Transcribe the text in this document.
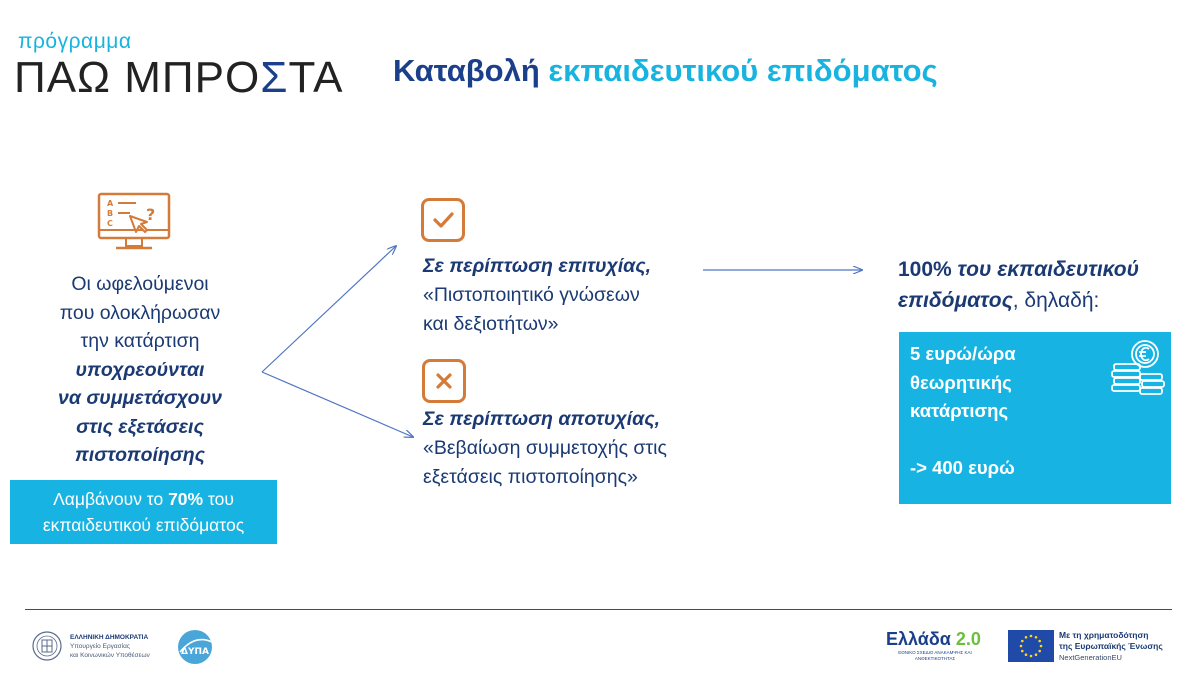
πρόγραμμα
ΠΑΩ ΜΠΡΟΣΤΑ Καταβολή εκπαιδευτικού επιδόματος
A
B
C ?
Οι ωφελούμενοι
που ολοκλήρωσαν
την κατάρτιση
υποχρεούνται
να συμμετάσχουν
στις εξετάσεις
πιστοποίησης
Λαμβάνουν το 70% του
εκπαιδευτικού επιδόματος
Σε περίπτωση επιτυχίας,
«Πιστοποιητικό γνώσεων
και δεξιοτήτων»
Σε περίπτωση αποτυχίας,
«Βεβαίωση συμμετοχής στις
εξετάσεις πιστοποίησης»
100% του εκπαιδευτικού
επιδόματος, δηλαδή:
5 ευρώ/ώρα
θεωρητικής
κατάρτισης
-> 400 ευρώ
ΕΛΛΗΝΙΚΗ ΔΗΜΟΚΡΑΤΙΑ
Υπουργείο Εργασίας
και Κοινωνικών Υποθέσεων	ΔΥΠΑ
Ελλάδα 2.0
ΕΘΝΙΚΟ ΣΧΕΔΙΟ ΑΝΑΚΑΜΨΗΣ ΚΑΙ ΑΝΘΕΚΤΙΚΟΤΗΤΑΣ
Με τη χρηματοδότηση
της Ευρωπαϊκής Ένωσης
NextGenerationEU
